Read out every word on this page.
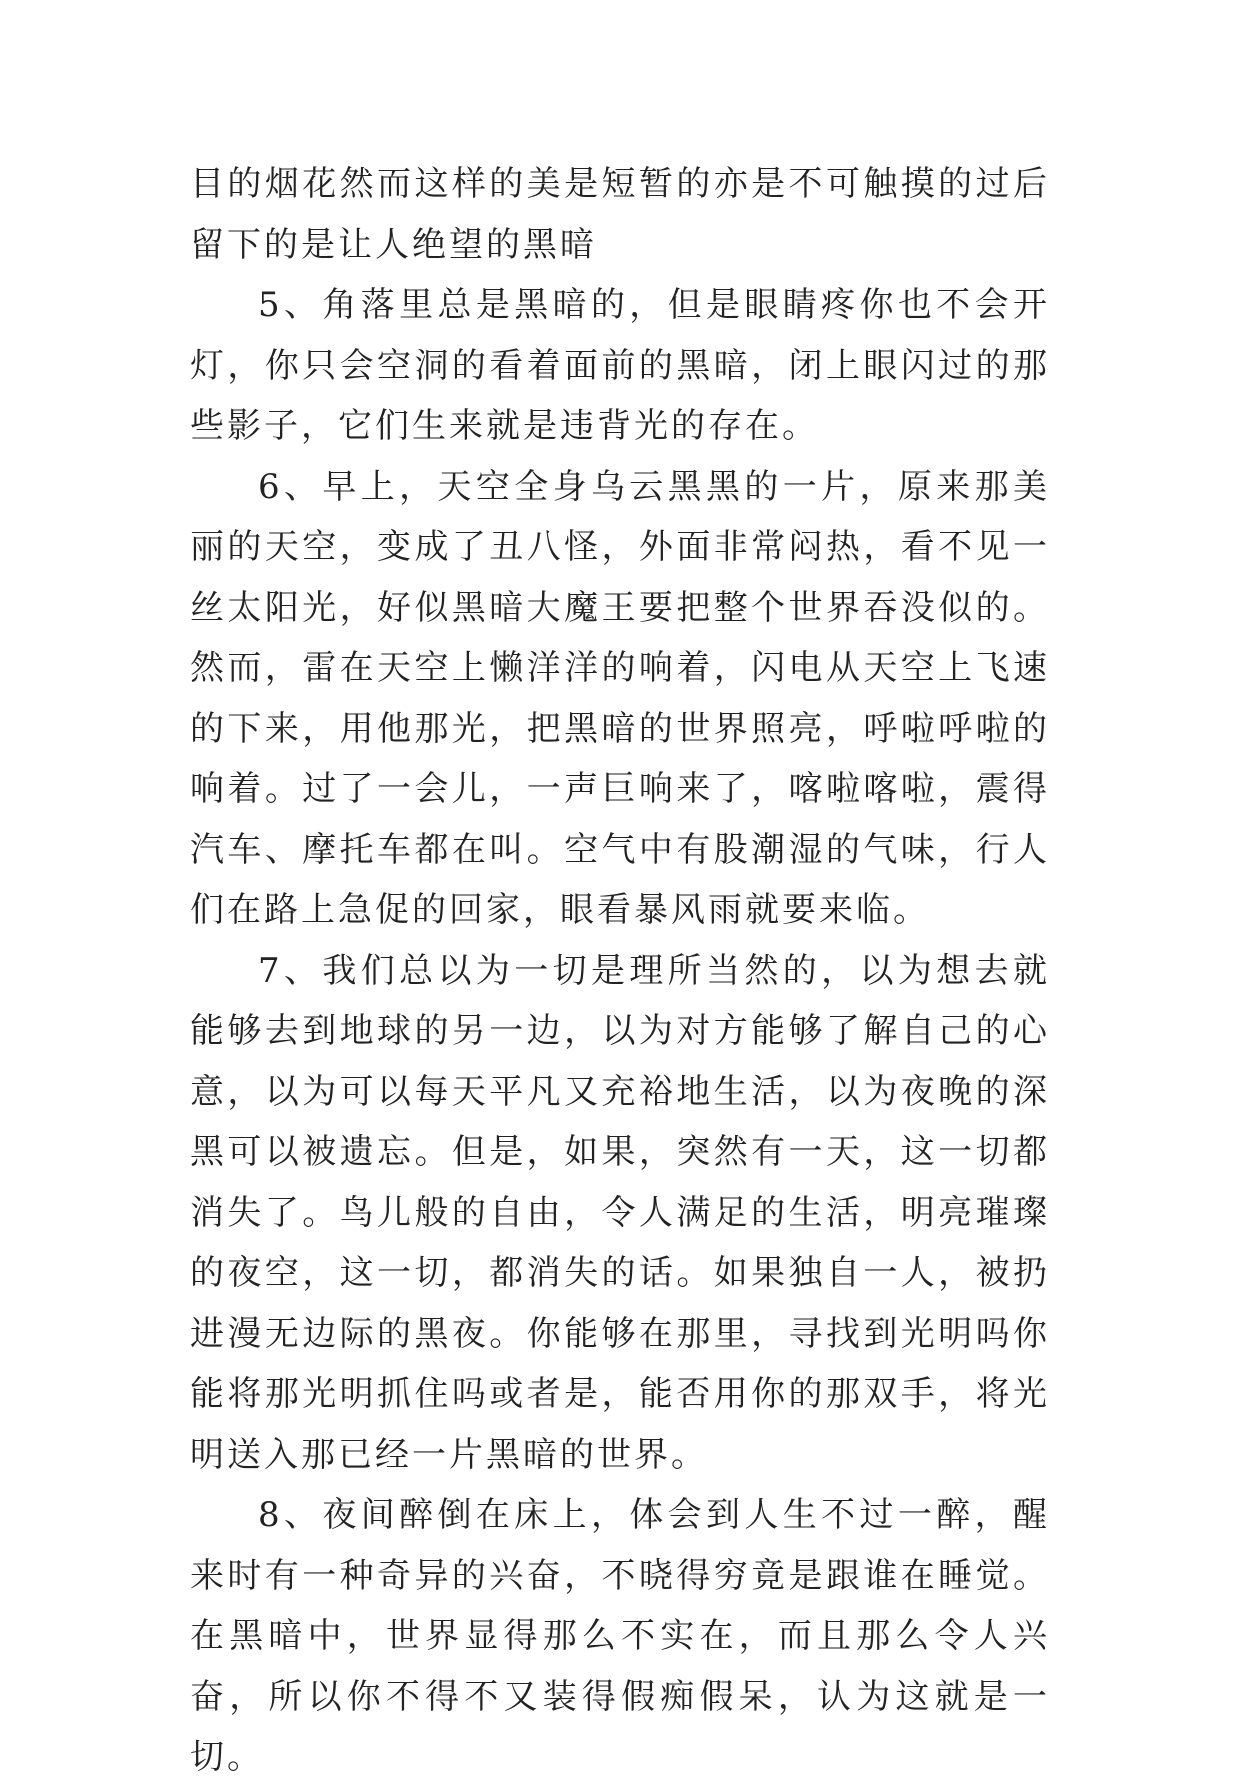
目的烟花然而这样的美是短暂的亦是不可触摸的过后留下的是让人绝望的黑暗

5、角落里总是黑暗的，但是眼睛疼你也不会开灯，你只会空洞的看着面前的黑暗，闭上眼闪过的那些影子，它们生来就是违背光的存在。

6、早上，天空全身乌云黑黑的一片，原来那美丽的天空，变成了丑八怪，外面非常闷热，看不见一丝太阳光，好似黑暗大魔王要把整个世界吞没似的。然而，雷在天空上懒洋洋的响着，闪电从天空上飞速的下来，用他那光，把黑暗的世界照亮，呼啦呼啦的响着。过了一会儿，一声巨响来了，喀啦喀啦，震得汽车、摩托车都在叫。空气中有股潮湿的气味，行人们在路上急促的回家，眼看暴风雨就要来临。

7、我们总以为一切是理所当然的，以为想去就能够去到地球的另一边，以为对方能够了解自己的心意，以为可以每天平凡又充裕地生活，以为夜晚的深黑可以被遗忘。但是，如果，突然有一天，这一切都消失了。鸟儿般的自由，令人满足的生活，明亮璀璨的夜空，这一切，都消失的话。如果独自一人，被扔进漫无边际的黑夜。你能够在那里，寻找到光明吗你能将那光明抓住吗或者是，能否用你的那双手，将光明送入那已经一片黑暗的世界。

8、夜间醉倒在床上，体会到人生不过一醉，醒来时有一种奇异的兴奋，不晓得穷竟是跟谁在睡觉。在黑暗中，世界显得那么不实在，而且那么令人兴奋，所以你不得不又装得假痴假呆，认为这就是一切。
